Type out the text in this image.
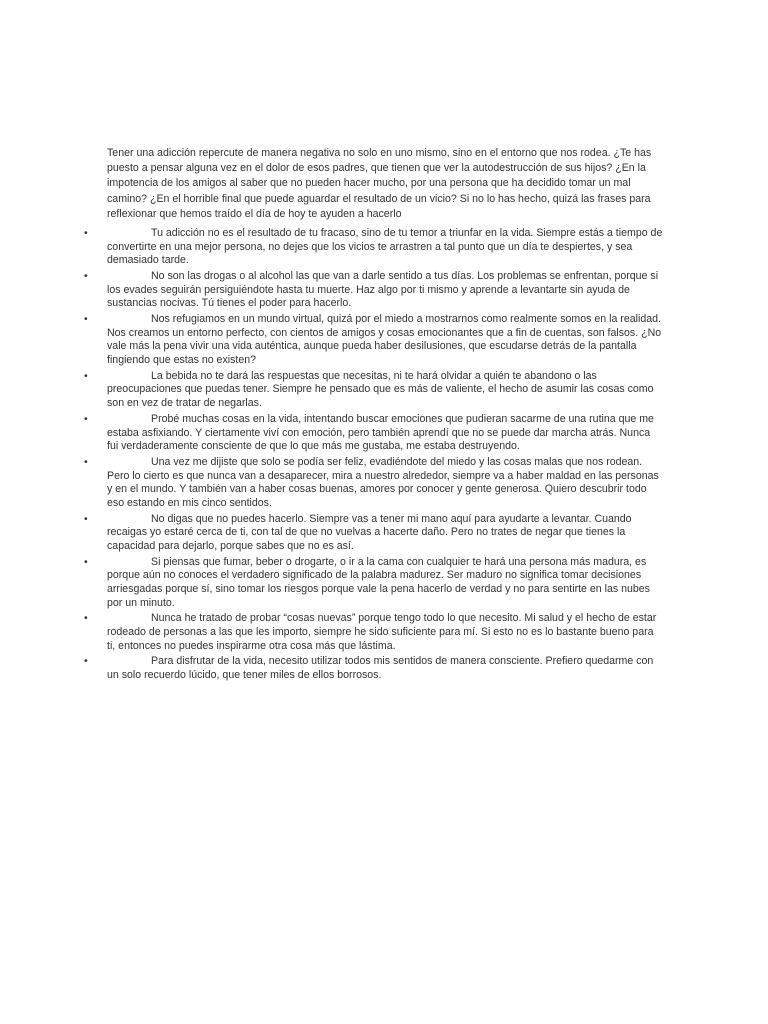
Tener una adicción repercute de manera negativa no solo en uno mismo, sino en el entorno que nos rodea. ¿Te has puesto a pensar alguna vez en el dolor de esos padres, que tienen que ver la autodestrucción de sus hijos? ¿En la impotencia de los amigos al saber que no pueden hacer mucho, por una persona que ha decidido tomar un mal camino? ¿En el horrible final que puede aguardar el resultado de un vicio? Si no lo has hecho, quizá las frases para reflexionar que hemos traído el día de hoy te ayuden a hacerlo

•	Tu adicción no es el resultado de tu fracaso, sino de tu temor a triunfar en la vida. Siempre estás a tiempo de convertirte en una mejor persona, no dejes que los vicios te arrastren a tal punto que un día te despiertes, y sea demasiado tarde.
•	No son las drogas o al alcohol las que van a darle sentido a tus días. Los problemas se enfrentan, porque si los evades seguirán persiguiéndote hasta tu muerte. Haz algo por ti mismo y aprende a levantarte sin ayuda de sustancias nocivas. Tú tienes el poder para hacerlo.
•	Nos refugiamos en un mundo virtual, quizá por el miedo a mostrarnos como realmente somos en la realidad. Nos creamos un entorno perfecto, con cientos de amigos y cosas emocionantes que a fin de cuentas, son falsos. ¿No vale más la pena vivir una vida auténtica, aunque pueda haber desilusiones, que escudarse detrás de la pantalla fingiendo que estas no existen?
•	La bebida no te dará las respuestas que necesitas, ni te hará olvidar a quién te abandono o las preocupaciones que puedas tener. Siempre he pensado que es más de valiente, el hecho de asumir las cosas como son en vez de tratar de negarlas.
•	Probé muchas cosas en la vida, intentando buscar emociones que pudieran sacarme de una rutina que me estaba asfixiando. Y ciertamente viví con emoción, pero también aprendí que no se puede dar marcha atrás. Nunca fui verdaderamente consciente de que lo que más me gustaba, me estaba destruyendo.
•	Una vez me dijiste que solo se podía ser feliz, evadiéndote del miedo y las cosas malas que nos rodean. Pero lo cierto es que nunca van a desaparecer, mira a nuestro alrededor, siempre va a haber maldad en las personas y en el mundo. Y también van a haber cosas buenas, amores por conocer y gente generosa. Quiero descubrir todo eso estando en mis cinco sentidos.
•	No digas que no puedes hacerlo. Siempre vas a tener mi mano aquí para ayudarte a levantar. Cuando recaigas yo estaré cerca de ti, con tal de que no vuelvas a hacerte daño. Pero no trates de negar que tienes la capacidad para dejarlo, porque sabes que no es así.
•	Si piensas que fumar, beber o drogarte, o ir a la cama con cualquier te hará una persona más madura, es porque aún no conoces el verdadero significado de la palabra madurez. Ser maduro no significa tomar decisiones arriesgadas porque sí, sino tomar los riesgos porque vale la pena hacerlo de verdad y no para sentirte en las nubes por un minuto.
•	Nunca he tratado de probar “cosas nuevas” porque tengo todo lo que necesito. Mi salud y el hecho de estar rodeado de personas a las que les importo, siempre he sido suficiente para mí. Si esto no es lo bastante bueno para ti, entonces no puedes inspirarme otra cosa más que lástima.
•	Para disfrutar de la vida, necesito utilizar todos mis sentidos de manera consciente. Prefiero quedarme con un solo recuerdo lúcido, que tener miles de ellos borrosos.
